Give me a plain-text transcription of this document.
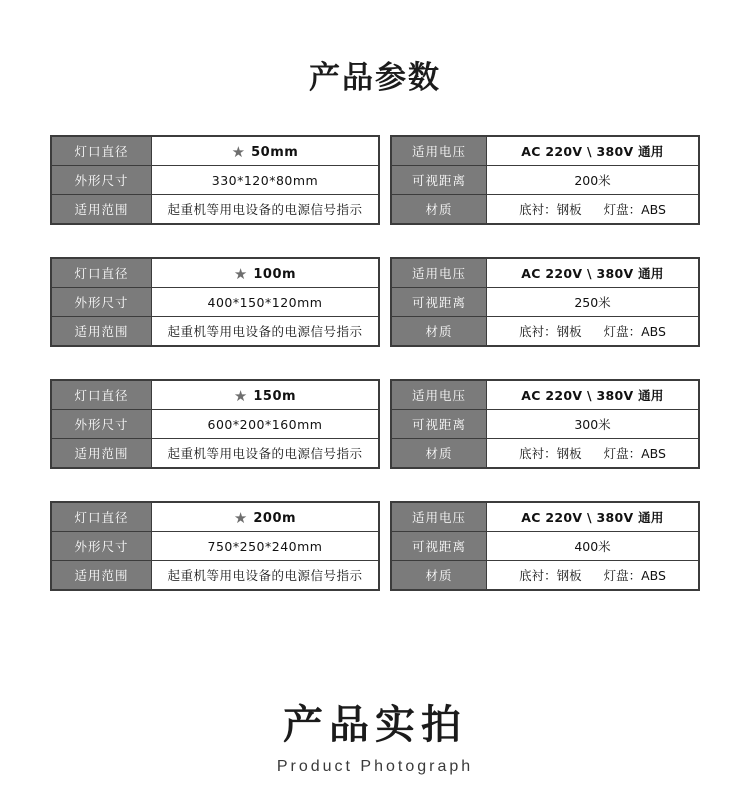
产品参数
灯口直径	★ 50mm
外形尺寸	330*120*80mm
适用范围	起重机等用电设备的电源信号指示
适用电压	AC 220V \ 380V 通用
可视距离	200米
材质	底衬：钢板 灯盘：ABS
灯口直径	★ 100m
外形尺寸	400*150*120mm
适用范围	起重机等用电设备的电源信号指示
适用电压	AC 220V \ 380V 通用
可视距离	250米
材质	底衬：钢板 灯盘：ABS
灯口直径	★ 150m
外形尺寸	600*200*160mm
适用范围	起重机等用电设备的电源信号指示
适用电压	AC 220V \ 380V 通用
可视距离	300米
材质	底衬：钢板 灯盘：ABS
灯口直径	★ 200m
外形尺寸	750*250*240mm
适用范围	起重机等用电设备的电源信号指示
适用电压	AC 220V \ 380V 通用
可视距离	400米
材质	底衬：钢板 灯盘：ABS
产品实拍
Product Photograph
